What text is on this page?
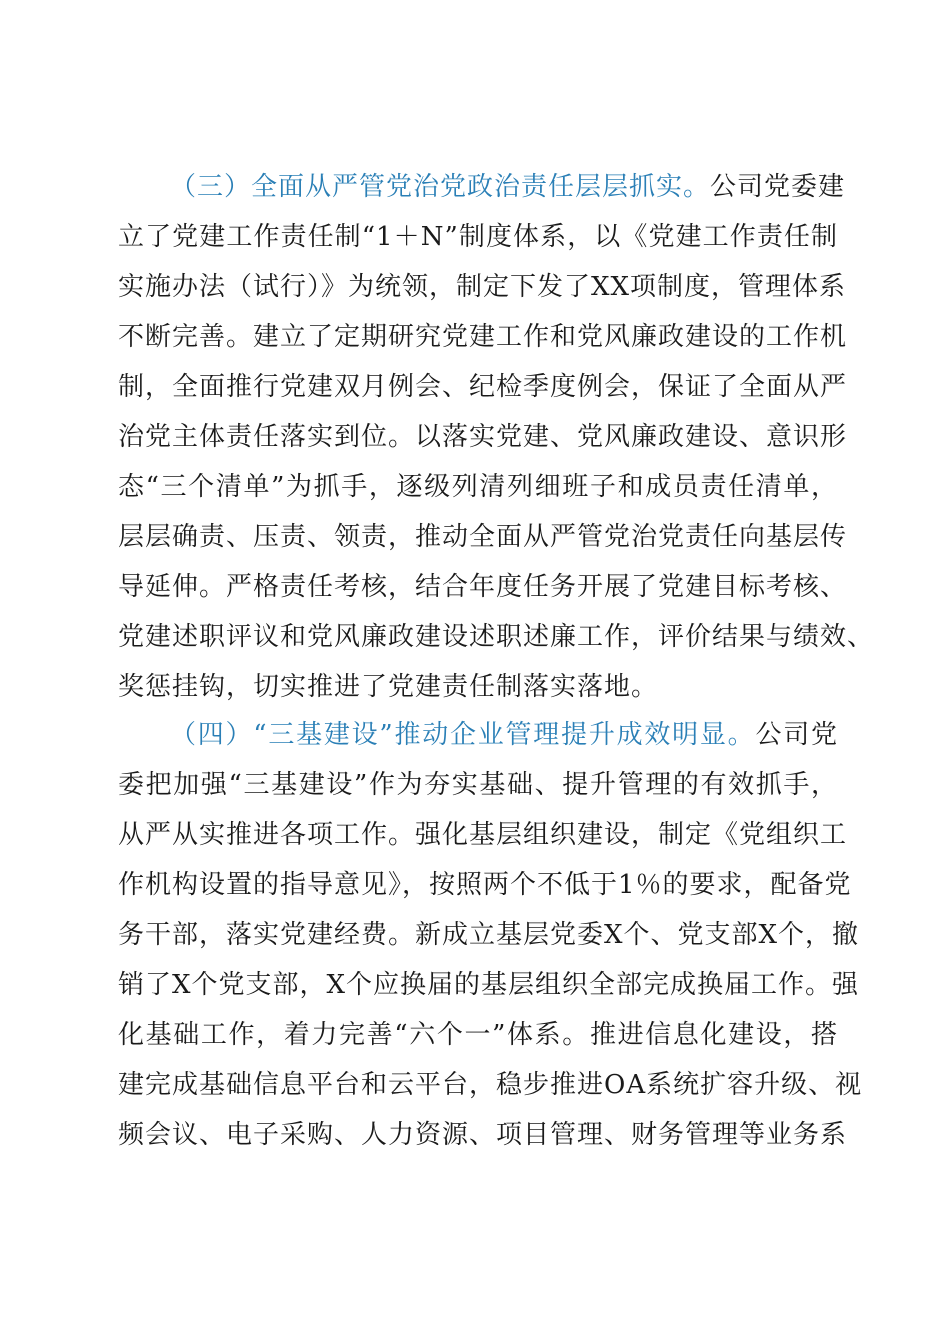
（三）全面从严管党治党政治责任层层抓实。公司党委建
立了党建工作责任制“1＋N”制度体系，以《党建工作责任制
实施办法（试行）》为统领，制定下发了XX项制度，管理体系
不断完善。建立了定期研究党建工作和党风廉政建设的工作机
制，全面推行党建双月例会、纪检季度例会，保证了全面从严
治党主体责任落实到位。以落实党建、党风廉政建设、意识形
态“三个清单”为抓手，逐级列清列细班子和成员责任清单，
层层确责、压责、领责，推动全面从严管党治党责任向基层传
导延伸。严格责任考核，结合年度任务开展了党建目标考核、
党建述职评议和党风廉政建设述职述廉工作，评价结果与绩效、
奖惩挂钩，切实推进了党建责任制落实落地。
（四）“三基建设”推动企业管理提升成效明显。公司党
委把加强“三基建设”作为夯实基础、提升管理的有效抓手，
从严从实推进各项工作。强化基层组织建设，制定《党组织工
作机构设置的指导意见》，按照两个不低于1％的要求，配备党
务干部，落实党建经费。新成立基层党委X个、党支部X个，撤
销了X个党支部，X个应换届的基层组织全部完成换届工作。强
化基础工作，着力完善“六个一”体系。推进信息化建设，搭
建完成基础信息平台和云平台，稳步推进OA系统扩容升级、视
频会议、电子采购、人力资源、项目管理、财务管理等业务系
